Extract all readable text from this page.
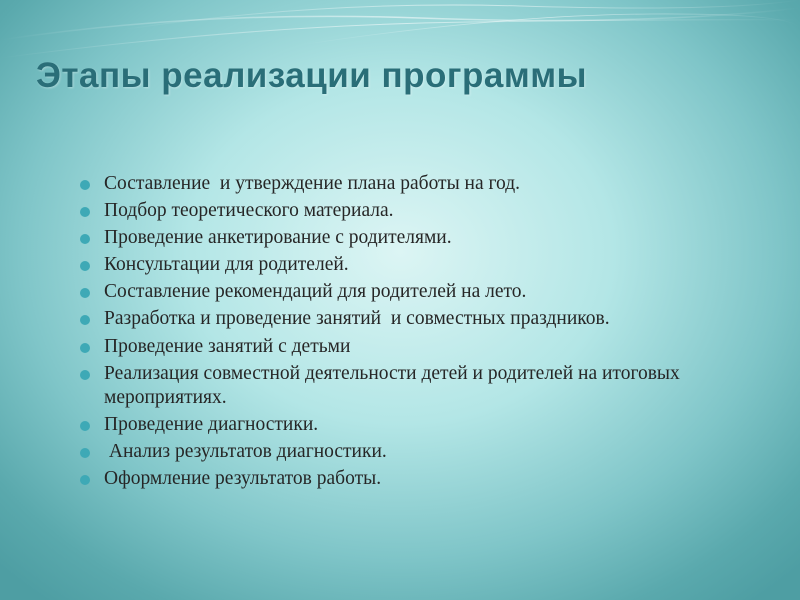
Этапы реализации программы
Составление  и утверждение плана работы на год.
Подбор теоретического материала.
Проведение анкетирование с родителями.
Консультации для родителей.
Составление рекомендаций для родителей на лето.
Разработка и проведение занятий  и совместных праздников.
Проведение занятий с детьми
Реализация совместной деятельности детей и родителей на итоговых мероприятиях.
Проведение диагностики.
Анализ результатов диагностики.
Оформление результатов работы.
